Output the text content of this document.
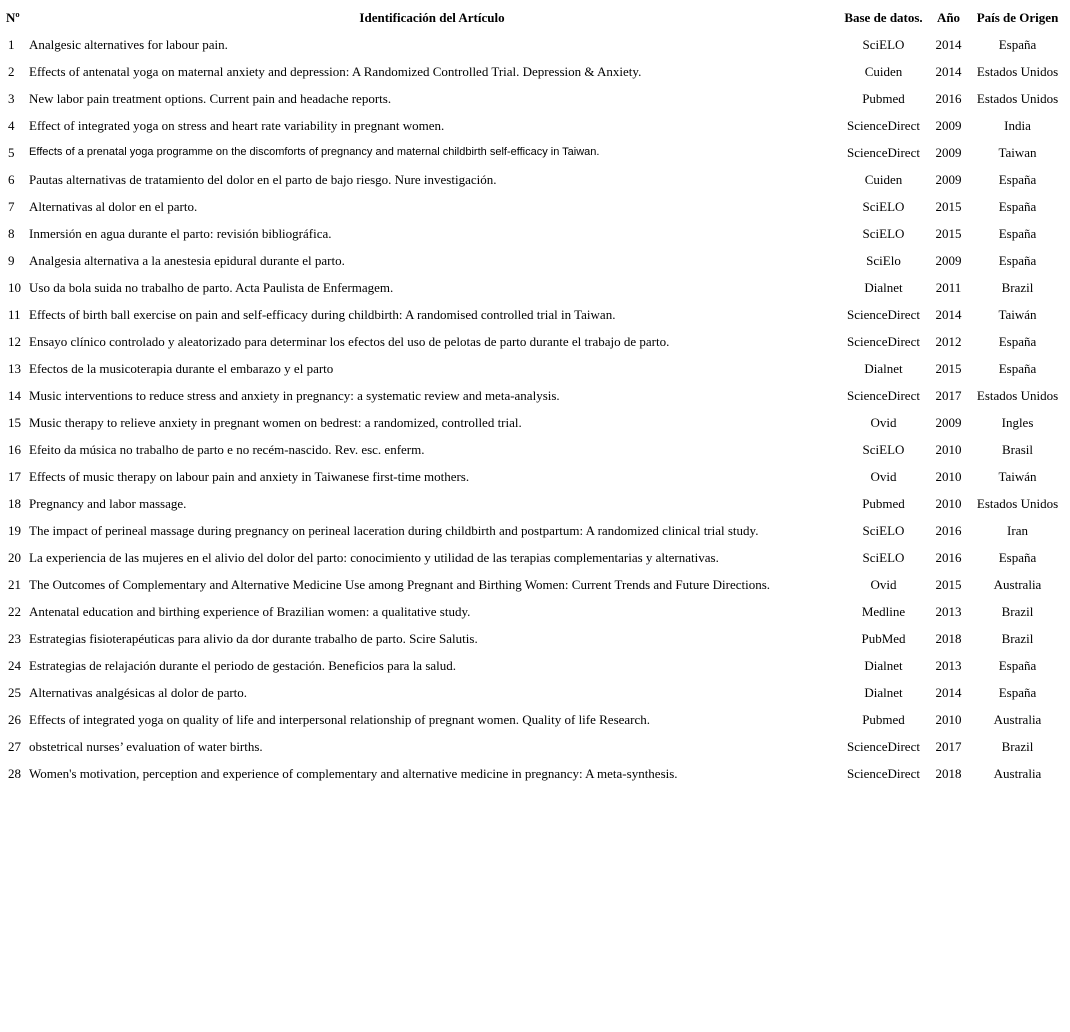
Nº	Identificación del Artículo	Base de datos.	Año	País de Origen
1	Analgesic alternatives for labour pain.	SciELO	2014	España
2	Effects of antenatal yoga on maternal anxiety and depression: A Randomized Controlled Trial. Depression & Anxiety.	Cuiden	2014	Estados Unidos
3	New labor pain treatment options. Current pain and headache reports.	Pubmed	2016	Estados Unidos
4	Effect of integrated yoga on stress and heart rate variability in pregnant women.	ScienceDirect	2009	India
5	Effects of a prenatal yoga programme on the discomforts of pregnancy and maternal childbirth self-efficacy in Taiwan.	ScienceDirect	2009	Taiwan
6	Pautas alternativas de tratamiento del dolor en el parto de bajo riesgo. Nure investigación.	Cuiden	2009	España
7	Alternativas al dolor en el parto.	SciELO	2015	España
8	Inmersión en agua durante el parto: revisión bibliográfica.	SciELO	2015	España
9	Analgesia alternativa a la anestesia epidural durante el parto.	SciElo	2009	España
10	Uso da bola suida no trabalho de parto. Acta Paulista de Enfermagem.	Dialnet	2011	Brazil
11	Effects of birth ball exercise on pain and self-efficacy during childbirth: A randomised controlled trial in Taiwan.	ScienceDirect	2014	Taiwán
12	Ensayo clínico controlado y aleatorizado para determinar los efectos del uso de pelotas de parto durante el trabajo de parto.	ScienceDirect	2012	España
13	Efectos de la musicoterapia durante el embarazo y el parto	Dialnet	2015	España
14	Music interventions to reduce stress and anxiety in pregnancy: a systematic review and meta-analysis.	ScienceDirect	2017	Estados Unidos
15	Music therapy to relieve anxiety in pregnant women on bedrest: a randomized, controlled trial.	Ovid	2009	Ingles
16	Efeito da música no trabalho de parto e no recém-nascido. Rev. esc. enferm.	SciELO	2010	Brasil
17	Effects of music therapy on labour pain and anxiety in Taiwanese first-time mothers.	Ovid	2010	Taiwán
18	Pregnancy and labor massage.	Pubmed	2010	Estados Unidos
19	The impact of perineal massage during pregnancy on perineal laceration during childbirth and postpartum: A randomized clinical trial study.	SciELO	2016	Iran
20	La experiencia de las mujeres en el alivio del dolor del parto: conocimiento y utilidad de las terapias complementarias y alternativas.	SciELO	2016	España
21	The Outcomes of Complementary and Alternative Medicine Use among Pregnant and Birthing Women: Current Trends and Future Directions.	Ovid	2015	Australia
22	Antenatal education and birthing experience of Brazilian women: a qualitative study.	Medline	2013	Brazil
23	Estrategias fisioterapéuticas para alivio da dor durante trabalho de parto. Scire Salutis.	PubMed	2018	Brazil
24	Estrategias de relajación durante el periodo de gestación. Beneficios para la salud.	Dialnet	2013	España
25	Alternativas analgésicas al dolor de parto.	Dialnet	2014	España
26	Effects of integrated yoga on quality of life and interpersonal relationship of pregnant women. Quality of life Research.	Pubmed	2010	Australia
27	obstetrical nurses’ evaluation of water births.	ScienceDirect	2017	Brazil
28	Women's motivation, perception and experience of complementary and alternative medicine in pregnancy: A meta-synthesis.	ScienceDirect	2018	Australia
